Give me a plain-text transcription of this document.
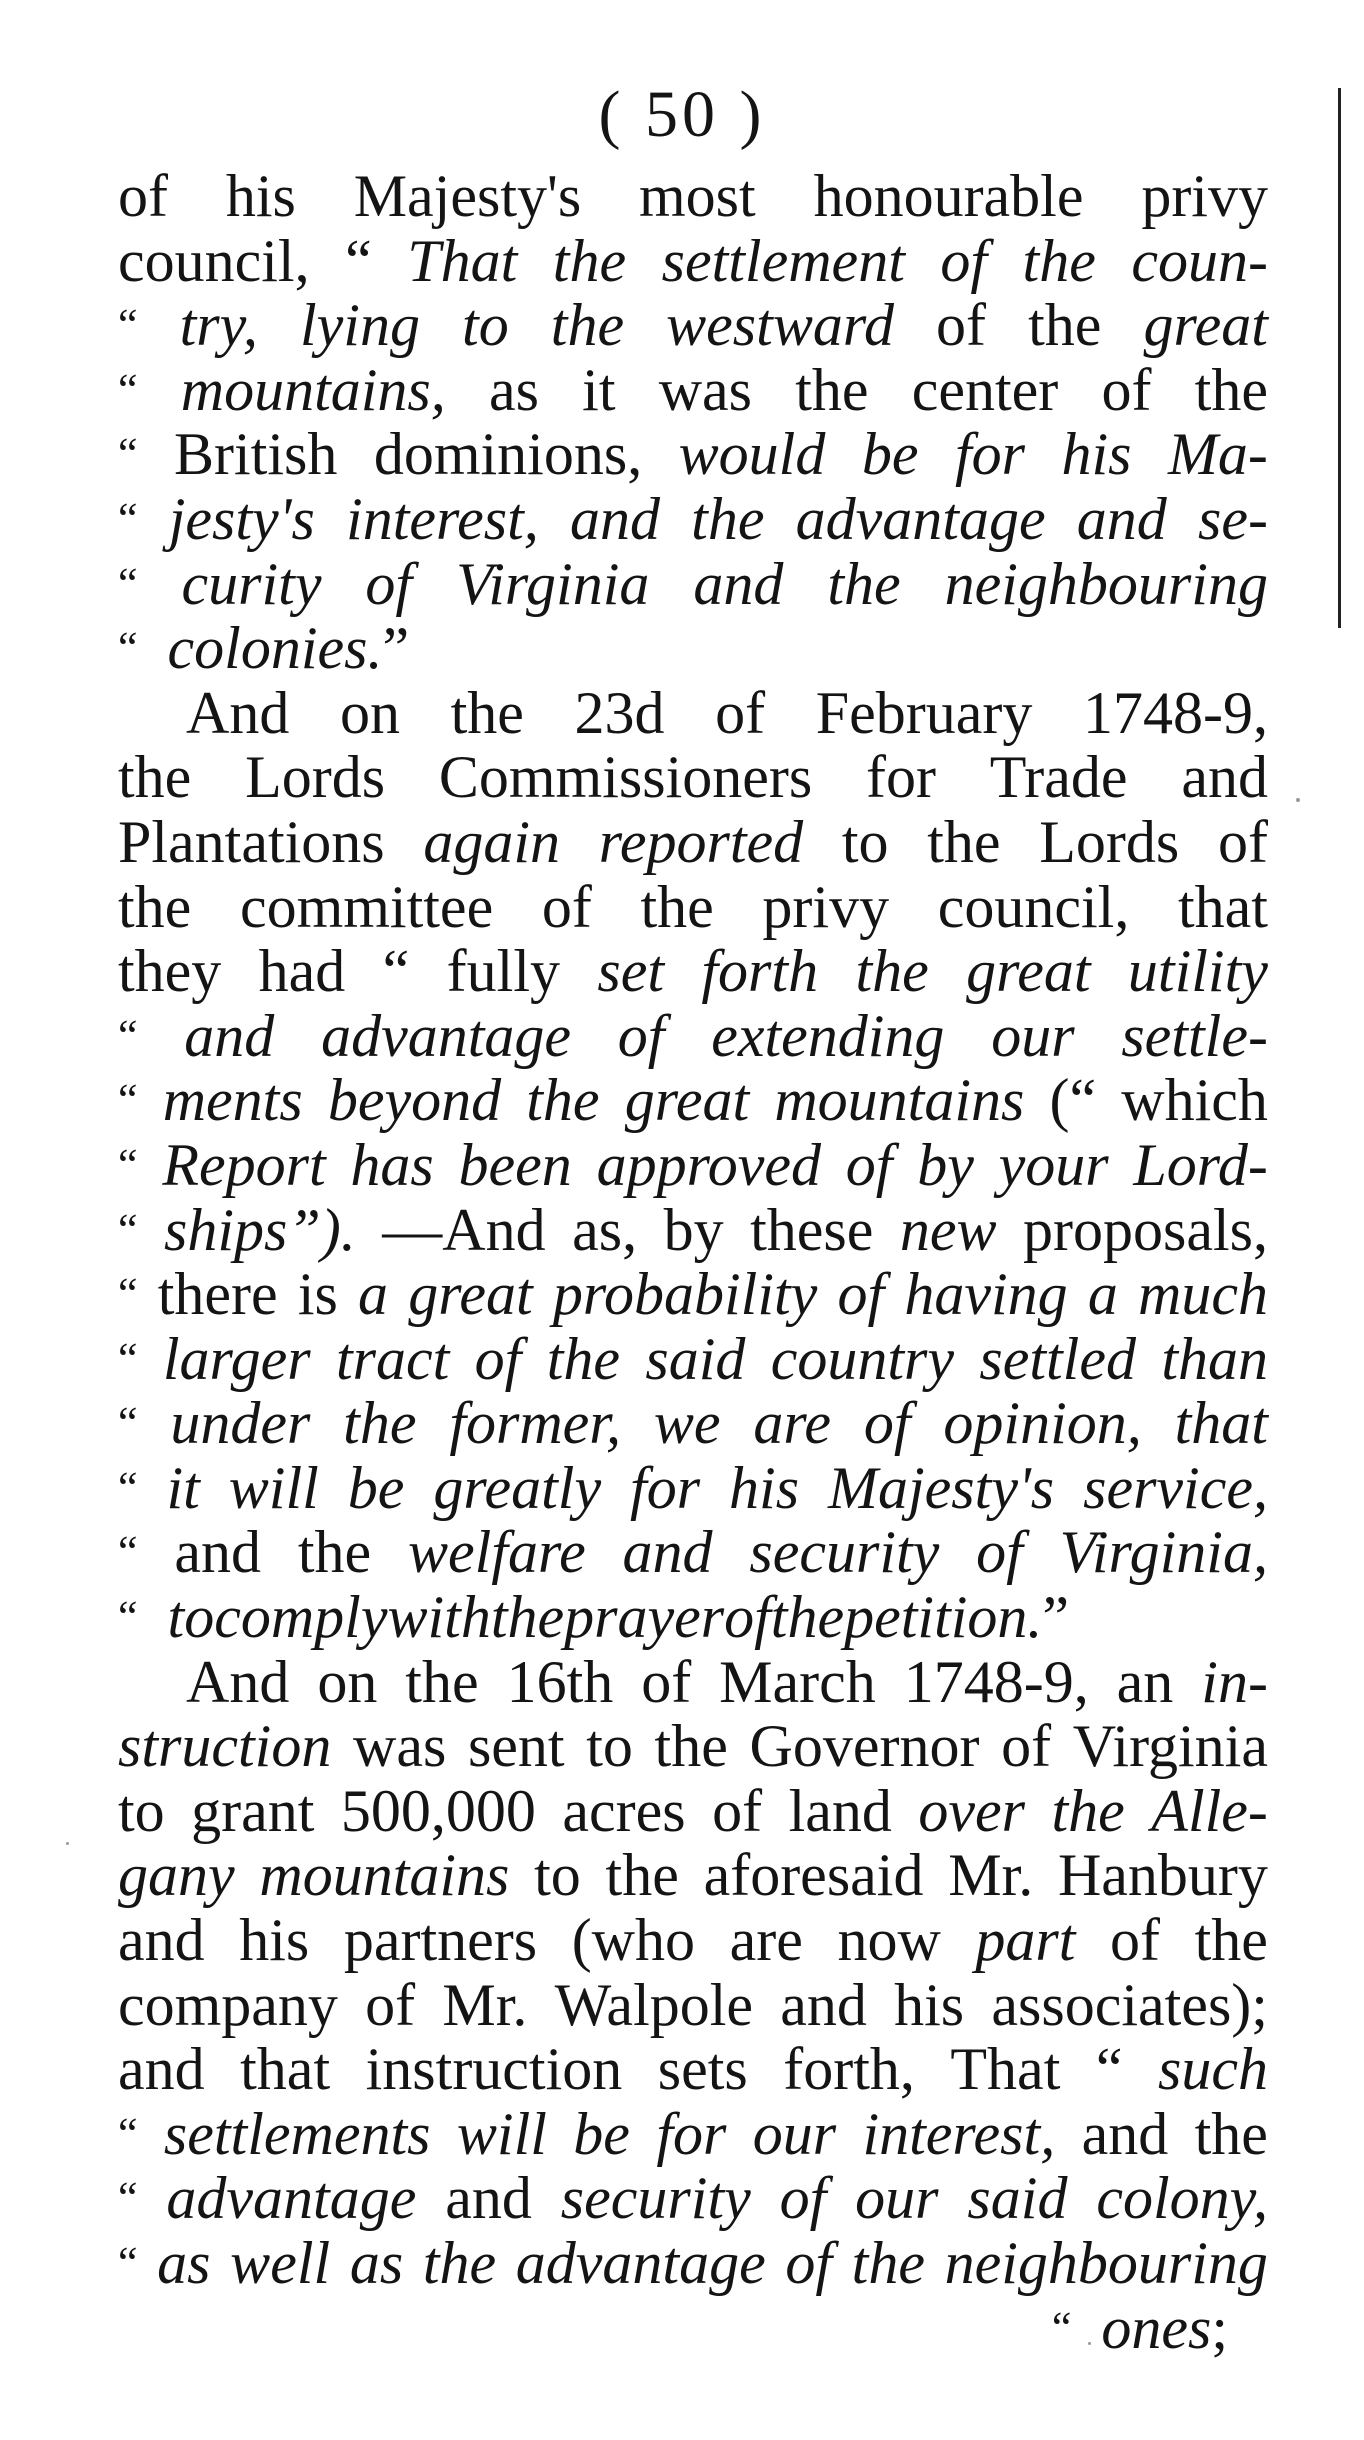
( 50 )
of his Majesty's most honourable privy
council, “ That the settlement of the coun-
“ try, lying to the westward of the great
“ mountains, as it was the center of the
“ British dominions, would be for his Ma-
“ jesty's interest, and the advantage and se-
“ curity of Virginia and the neighbouring
“
colonies. ”
And on the 23d of February 1748-9,
the Lords Commissioners for Trade and
Plantations again reported to the Lords of
the committee of the privy council, that
they had “ fully set forth the great utility
“ and advantage of extending our settle-
“ ments beyond the great mountains (“ which
“ Report has been approved of by your Lord-
“ ships”). —And as, by these new proposals,
“ there is a great probability of having a much
“ larger tract of the said country settled than
“ under the former, we are of opinion, that
“ it will be greatly for his Majesty's service,
“ and the welfare and security of Virginia,
“
to comply with the prayer of the petition. ”
And on the 16th of March 1748-9, an in-
struction was sent to the Governor of Virginia
to grant 500,000 acres of land over the Alle-
gany mountains to the aforesaid Mr. Hanbury
and his partners (who are now part of the
company of Mr. Walpole and his associates);
and that instruction sets forth, That “ such
“ settlements will be for our interest, and the
“ advantage and security of our said colony,
“ as well as the advantage of the neighbouring
“
ones ;
